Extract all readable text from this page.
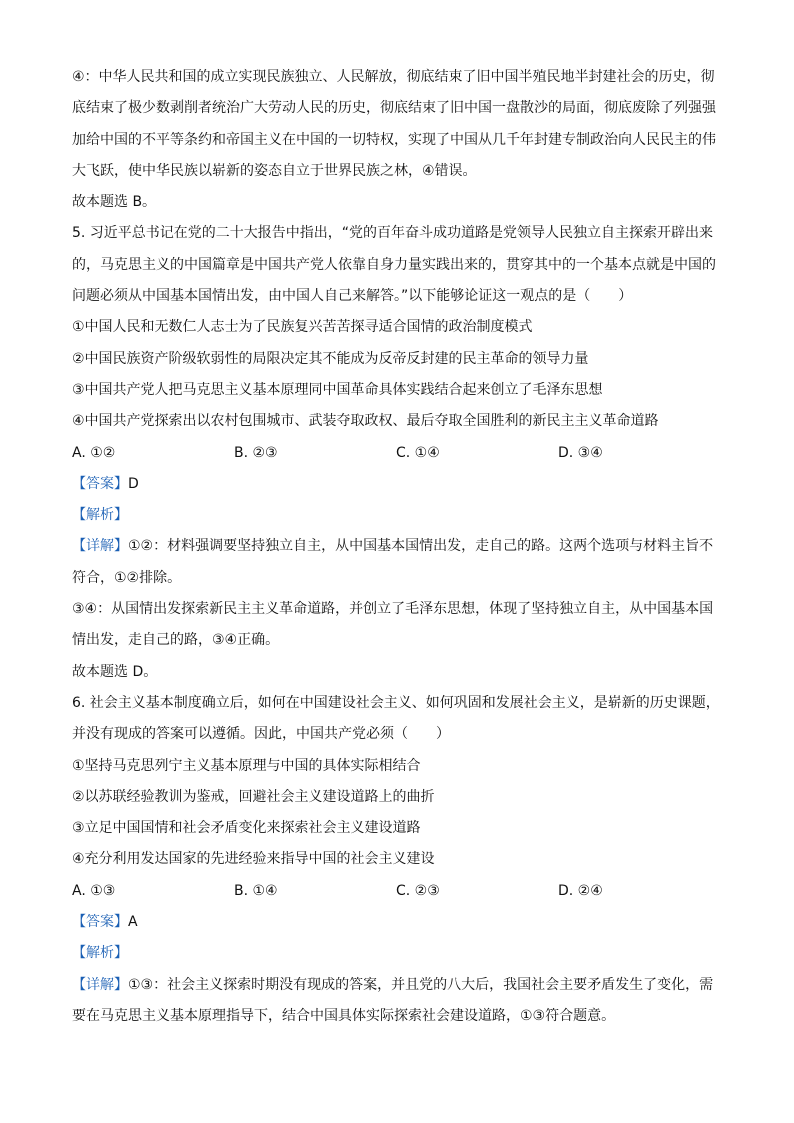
④：中华人民共和国的成立实现民族独立、人民解放，彻底结束了旧中国半殖民地半封建社会的历史，彻
底结束了极少数剥削者统治广大劳动人民的历史，彻底结束了旧中国一盘散沙的局面，彻底废除了列强强
加给中国的不平等条约和帝国主义在中国的一切特权，实现了中国从几千年封建专制政治向人民民主的伟
大飞跃，使中华民族以崭新的姿态自立于世界民族之林，④错误。
故本题选 B。
5. 习近平总书记在党的二十大报告中指出，“党的百年奋斗成功道路是党领导人民独立自主探索开辟出来
的，马克思主义的中国篇章是中国共产党人依靠自身力量实践出来的，贯穿其中的一个基本点就是中国的
问题必须从中国基本国情出发，由中国人自己来解答。”以下能够论证这一观点的是（　　）
①中国人民和无数仁人志士为了民族复兴苦苦探寻适合国情的政治制度模式
②中国民族资产阶级软弱性的局限决定其不能成为反帝反封建的民主革命的领导力量
③中国共产党人把马克思主义基本原理同中国革命具体实践结合起来创立了毛泽东思想
④中国共产党探索出以农村包围城市、武装夺取政权、最后夺取全国胜利的新民主主义革命道路
A. ①②	B. ②③	C. ①④	D. ③④
【答案】D
【解析】
【详解】①②：材料强调要坚持独立自主，从中国基本国情出发，走自己的路。这两个选项与材料主旨不
符合，①②排除。
③④：从国情出发探索新民主主义革命道路，并创立了毛泽东思想，体现了坚持独立自主，从中国基本国
情出发，走自己的路，③④正确。
故本题选 D。
6. 社会主义基本制度确立后，如何在中国建设社会主义、如何巩固和发展社会主义，是崭新的历史课题，
并没有现成的答案可以遵循。因此，中国共产党必须（　　）
①坚持马克思列宁主义基本原理与中国的具体实际相结合
②以苏联经验教训为鉴戒，回避社会主义建设道路上的曲折
③立足中国国情和社会矛盾变化来探索社会主义建设道路
④充分利用发达国家的先进经验来指导中国的社会主义建设
A. ①③	B. ①④	C. ②③	D. ②④
【答案】A
【解析】
【详解】①③：社会主义探索时期没有现成的答案，并且党的八大后，我国社会主要矛盾发生了变化，需
要在马克思主义基本原理指导下，结合中国具体实际探索社会建设道路，①③符合题意。
